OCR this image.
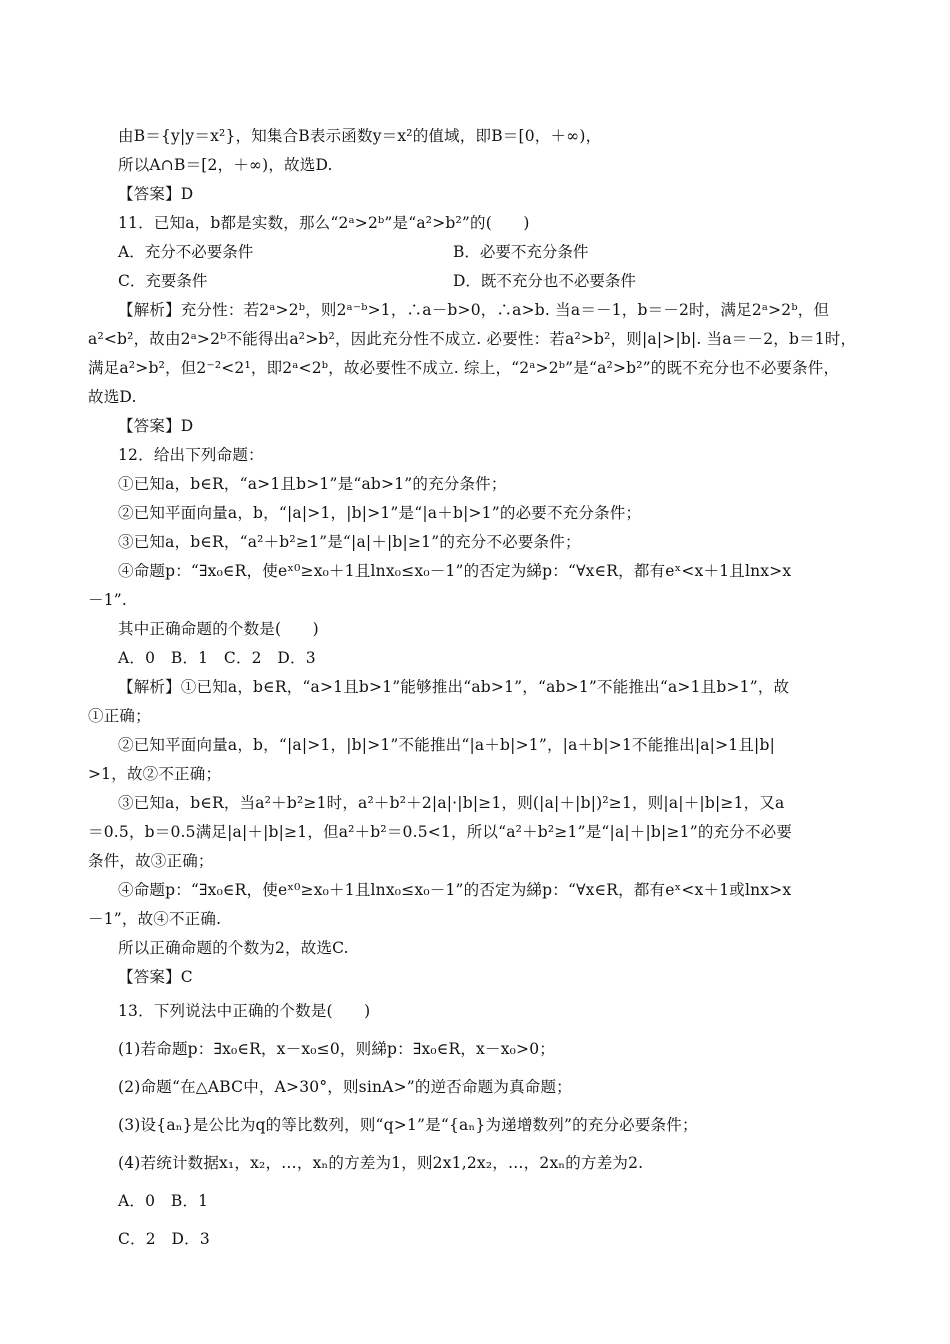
由B＝{y|y＝x²}，知集合B表示函数y＝x²的值域，即B＝[0，＋∞)，
所以A∩B＝[2，＋∞)，故选D.
【答案】D
11．已知a，b都是实数，那么“2ᵃ>2ᵇ”是“a²>b²”的(　　)
A．充分不必要条件	B．必要不充分条件
C．充要条件	D．既不充分也不必要条件
【解析】充分性：若2ᵃ>2ᵇ，则2ᵃ⁻ᵇ>1，∴a－b>0，∴a>b. 当a＝－1，b＝－2时，满足2ᵃ>2ᵇ，但
a²<b²，故由2ᵃ>2ᵇ不能得出a²>b²，因此充分性不成立. 必要性：若a²>b²，则|a|>|b|. 当a＝－2，b＝1时，
满足a²>b²，但2⁻²<2¹，即2ᵃ<2ᵇ，故必要性不成立. 综上，“2ᵃ>2ᵇ”是“a²>b²”的既不充分也不必要条件，
故选D.
【答案】D
12．给出下列命题：
①已知a，b∈R，“a>1且b>1”是“ab>1”的充分条件；
②已知平面向量a，b，“|a|>1，|b|>1”是“|a＋b|>1”的必要不充分条件；
③已知a，b∈R，“a²＋b²≥1”是“|a|＋|b|≥1”的充分不必要条件；
④命题p：“∃x₀∈R，使eˣ⁰≥x₀＋1且lnx₀≤x₀－1”的否定为綈p：“∀x∈R，都有eˣ<x＋1且lnx>x
－1”.
其中正确命题的个数是(　　)
A．0　B．1　C．2　D．3
【解析】①已知a，b∈R，“a>1且b>1”能够推出“ab>1”，“ab>1”不能推出“a>1且b>1”，故
①正确；
②已知平面向量a，b，“|a|>1，|b|>1”不能推出“|a＋b|>1”，|a＋b|>1不能推出|a|>1且|b|
>1，故②不正确；
③已知a，b∈R，当a²＋b²≥1时，a²＋b²＋2|a|·|b|≥1，则(|a|＋|b|)²≥1，则|a|＋|b|≥1，又a
＝0.5，b＝0.5满足|a|＋|b|≥1，但a²＋b²＝0.5<1，所以“a²＋b²≥1”是“|a|＋|b|≥1”的充分不必要
条件，故③正确；
④命题p：“∃x₀∈R，使eˣ⁰≥x₀＋1且lnx₀≤x₀－1”的否定为綈p：“∀x∈R，都有eˣ<x＋1或lnx>x
－1”，故④不正确.
所以正确命题的个数为2，故选C.
【答案】C
13．下列说法中正确的个数是(　　)
(1)若命题p：∃x₀∈R，x－x₀≤0，则綈p：∃x₀∈R，x－x₀>0；
(2)命题“在△ABC中，A>30°，则sinA>”的逆否命题为真命题；
(3)设{aₙ}是公比为q的等比数列，则“q>1”是“{aₙ}为递增数列”的充分必要条件；
(4)若统计数据x₁，x₂，…，xₙ的方差为1，则2x1,2x₂，…，2xₙ的方差为2.
A．0　B．1
C．2　D．3
